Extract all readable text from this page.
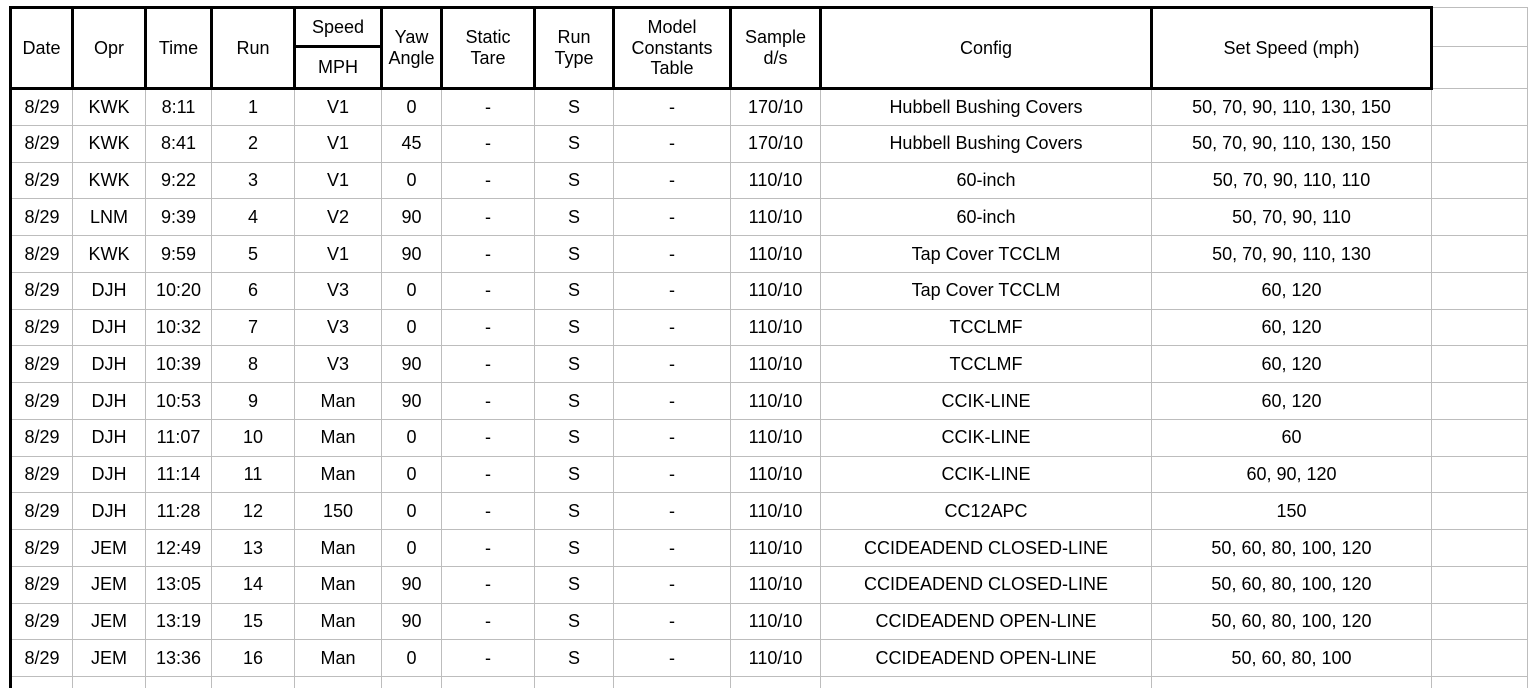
Date	Opr	Time	Run	Speed	Yaw Angle	Static Tare	Run Type	Model Constants Table	Sample d/s	Config	Set Speed (mph)	
				MPH								
8/29	KWK	8:11	1	V1	0	-	S	-	170/10	Hubbell Bushing Covers	50, 70, 90, 110, 130, 150	
8/29	KWK	8:41	2	V1	45	-	S	-	170/10	Hubbell Bushing Covers	50, 70, 90, 110, 130, 150	
8/29	KWK	9:22	3	V1	0	-	S	-	110/10	60-inch	50, 70, 90, 110, 110	
8/29	LNM	9:39	4	V2	90	-	S	-	110/10	60-inch	50, 70, 90, 110	
8/29	KWK	9:59	5	V1	90	-	S	-	110/10	Tap Cover TCCLM	50, 70, 90, 110, 130	
8/29	DJH	10:20	6	V3	0	-	S	-	110/10	Tap Cover TCCLM	60, 120	
8/29	DJH	10:32	7	V3	0	-	S	-	110/10	TCCLMF	60, 120	
8/29	DJH	10:39	8	V3	90	-	S	-	110/10	TCCLMF	60, 120	
8/29	DJH	10:53	9	Man	90	-	S	-	110/10	CCIK-LINE	60, 120	
8/29	DJH	11:07	10	Man	0	-	S	-	110/10	CCIK-LINE	60	
8/29	DJH	11:14	11	Man	0	-	S	-	110/10	CCIK-LINE	60, 90, 120	
8/29	DJH	11:28	12	150	0	-	S	-	110/10	CC12APC	150	
8/29	JEM	12:49	13	Man	0	-	S	-	110/10	CCIDEADEND CLOSED-LINE	50, 60, 80, 100, 120	
8/29	JEM	13:05	14	Man	90	-	S	-	110/10	CCIDEADEND CLOSED-LINE	50, 60, 80, 100, 120	
8/29	JEM	13:19	15	Man	90	-	S	-	110/10	CCIDEADEND OPEN-LINE	50, 60, 80, 100, 120	
8/29	JEM	13:36	16	Man	0	-	S	-	110/10	CCIDEADEND OPEN-LINE	50, 60, 80, 100	
